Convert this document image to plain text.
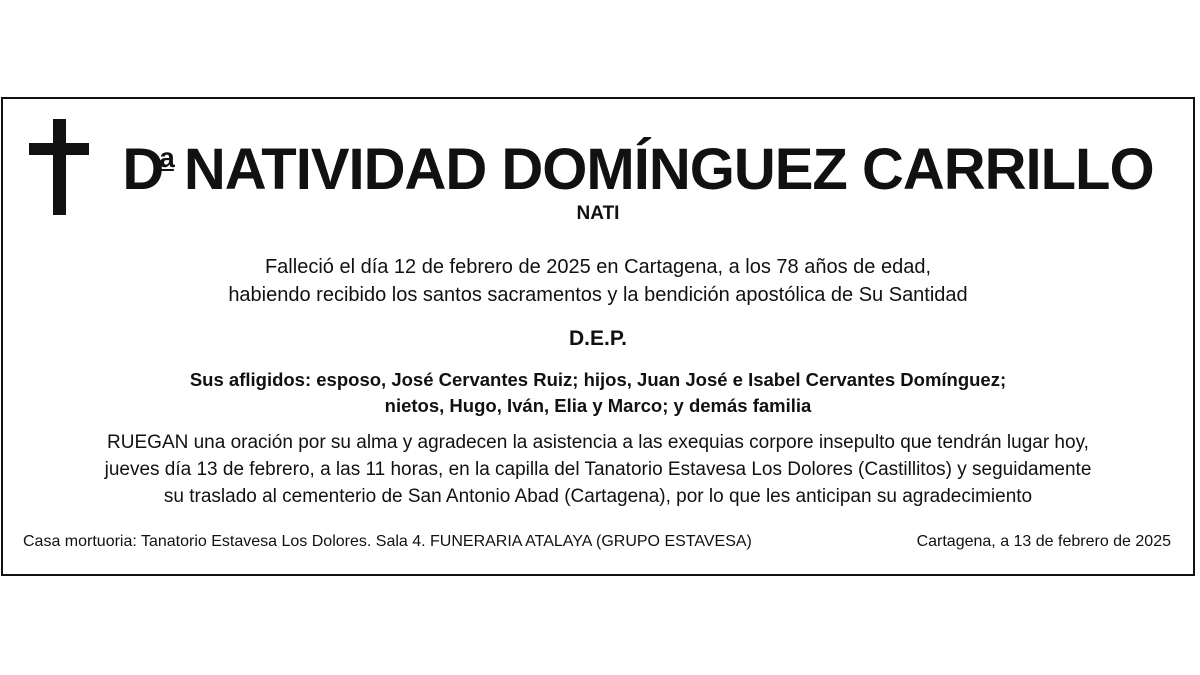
$D^a$ NATIVIDAD DOMÍNGUEZ CARRILLO
NATI
Falleció el día 12 de febrero de 2025 en Cartagena, a los 78 años de edad,
habiendo recibido los santos sacramentos y la bendición apostólica de Su Santidad
D.E.P.
Sus afligidos: esposo, José Cervantes Ruiz; hijos, Juan José e Isabel Cervantes Domínguez;
nietos, Hugo, Iván, Elia y Marco; y demás familia
RUEGAN una oración por su alma y agradecen la asistencia a las exequias corpore insepulto que tendrán lugar hoy,
jueves día 13 de febrero, a las 11 horas, en la capilla del Tanatorio Estavesa Los Dolores (Castillitos) y seguidamente
su traslado al cementerio de San Antonio Abad (Cartagena), por lo que les anticipan su agradecimiento
Casa mortuoria: Tanatorio Estavesa Los Dolores. Sala 4. FUNERARIA ATALAYA (GRUPO ESTAVESA)	Cartagena, a 13 de febrero de 2025
